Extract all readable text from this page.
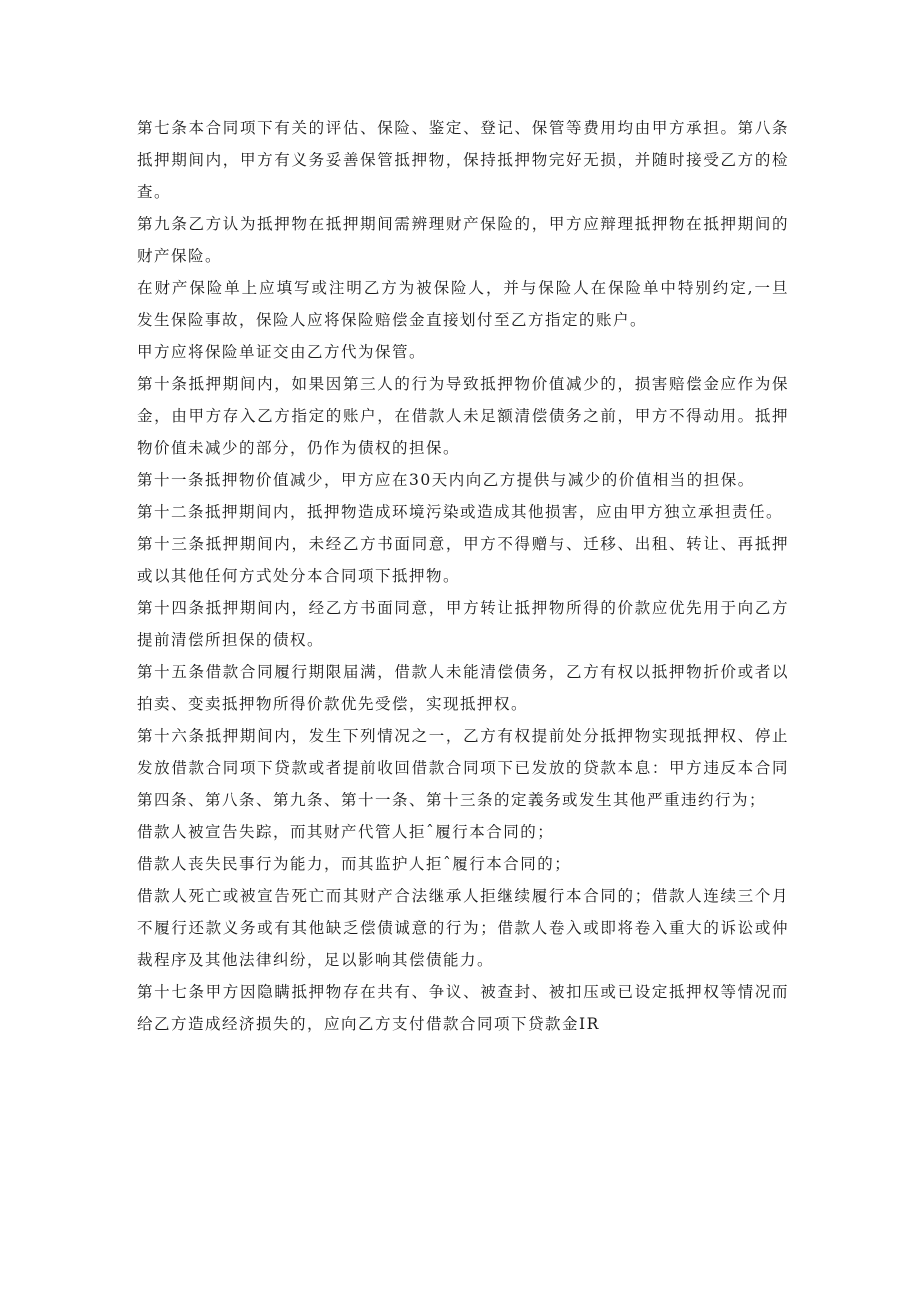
第七条本合同项下有关的评估、保险、鉴定、登记、保管等费用均由甲方承担。第八条抵押期间内，甲方有义务妥善保管抵押物，保持抵押物完好无损，并随时接受乙方的检查。

第九条乙方认为抵押物在抵押期间需辨理财产保险的，甲方应辩理抵押物在抵押期间的财产保险。

在财产保险单上应填写或注明乙方为被保险人，并与保险人在保险单中特别约定,一旦发生保险事故，保险人应将保险赔偿金直接划付至乙方指定的账户。

甲方应将保险单证交由乙方代为保管。

第十条抵押期间内，如果因第三人的行为导致抵押物价值减少的，损害赔偿金应作为保金，由甲方存入乙方指定的账户，在借款人未足额清偿债务之前，甲方不得动用。抵押物价值未减少的部分，仍作为债权的担保。

第十一条抵押物价值减少，甲方应在30天内向乙方提供与减少的价值相当的担保。

第十二条抵押期间内，抵押物造成环境污染或造成其他损害，应由甲方独立承担责任。

第十三条抵押期间内，未经乙方书面同意，甲方不得赠与、迁移、出租、转让、再抵押或以其他任何方式处分本合同项下抵押物。

第十四条抵押期间内，经乙方书面同意，甲方转让抵押物所得的价款应优先用于向乙方提前清偿所担保的债权。

第十五条借款合同履行期限届满，借款人未能清偿债务，乙方有权以抵押物折价或者以拍卖、变卖抵押物所得价款优先受偿，实现抵押权。

第十六条抵押期间内，发生下列情况之一，乙方有权提前处分抵押物实现抵押权、停止发放借款合同项下贷款或者提前收回借款合同项下已发放的贷款本息：甲方违反本合同第四条、第八条、第九条、第十一条、第十三条的定義务或发生其他严重违约行为；

借款人被宣告失踪，而其财产代管人拒ˆ履行本合同的；

借款人丧失民事行为能力，而其监护人拒ˆ履行本合同的；

借款人死亡或被宣告死亡而其财产合法继承人拒继续履行本合同的；借款人连续三个月不履行还款义务或有其他缺乏偿债诚意的行为；借款人卷入或即将卷入重大的诉讼或仲裁程序及其他法律纠纷，足以影响其偿债能力。

第十七条甲方因隐瞒抵押物存在共有、争议、被查封、被扣压或已设定抵押权等情况而给乙方造成经济损失的，应向乙方支付借款合同项下贷款金IR
